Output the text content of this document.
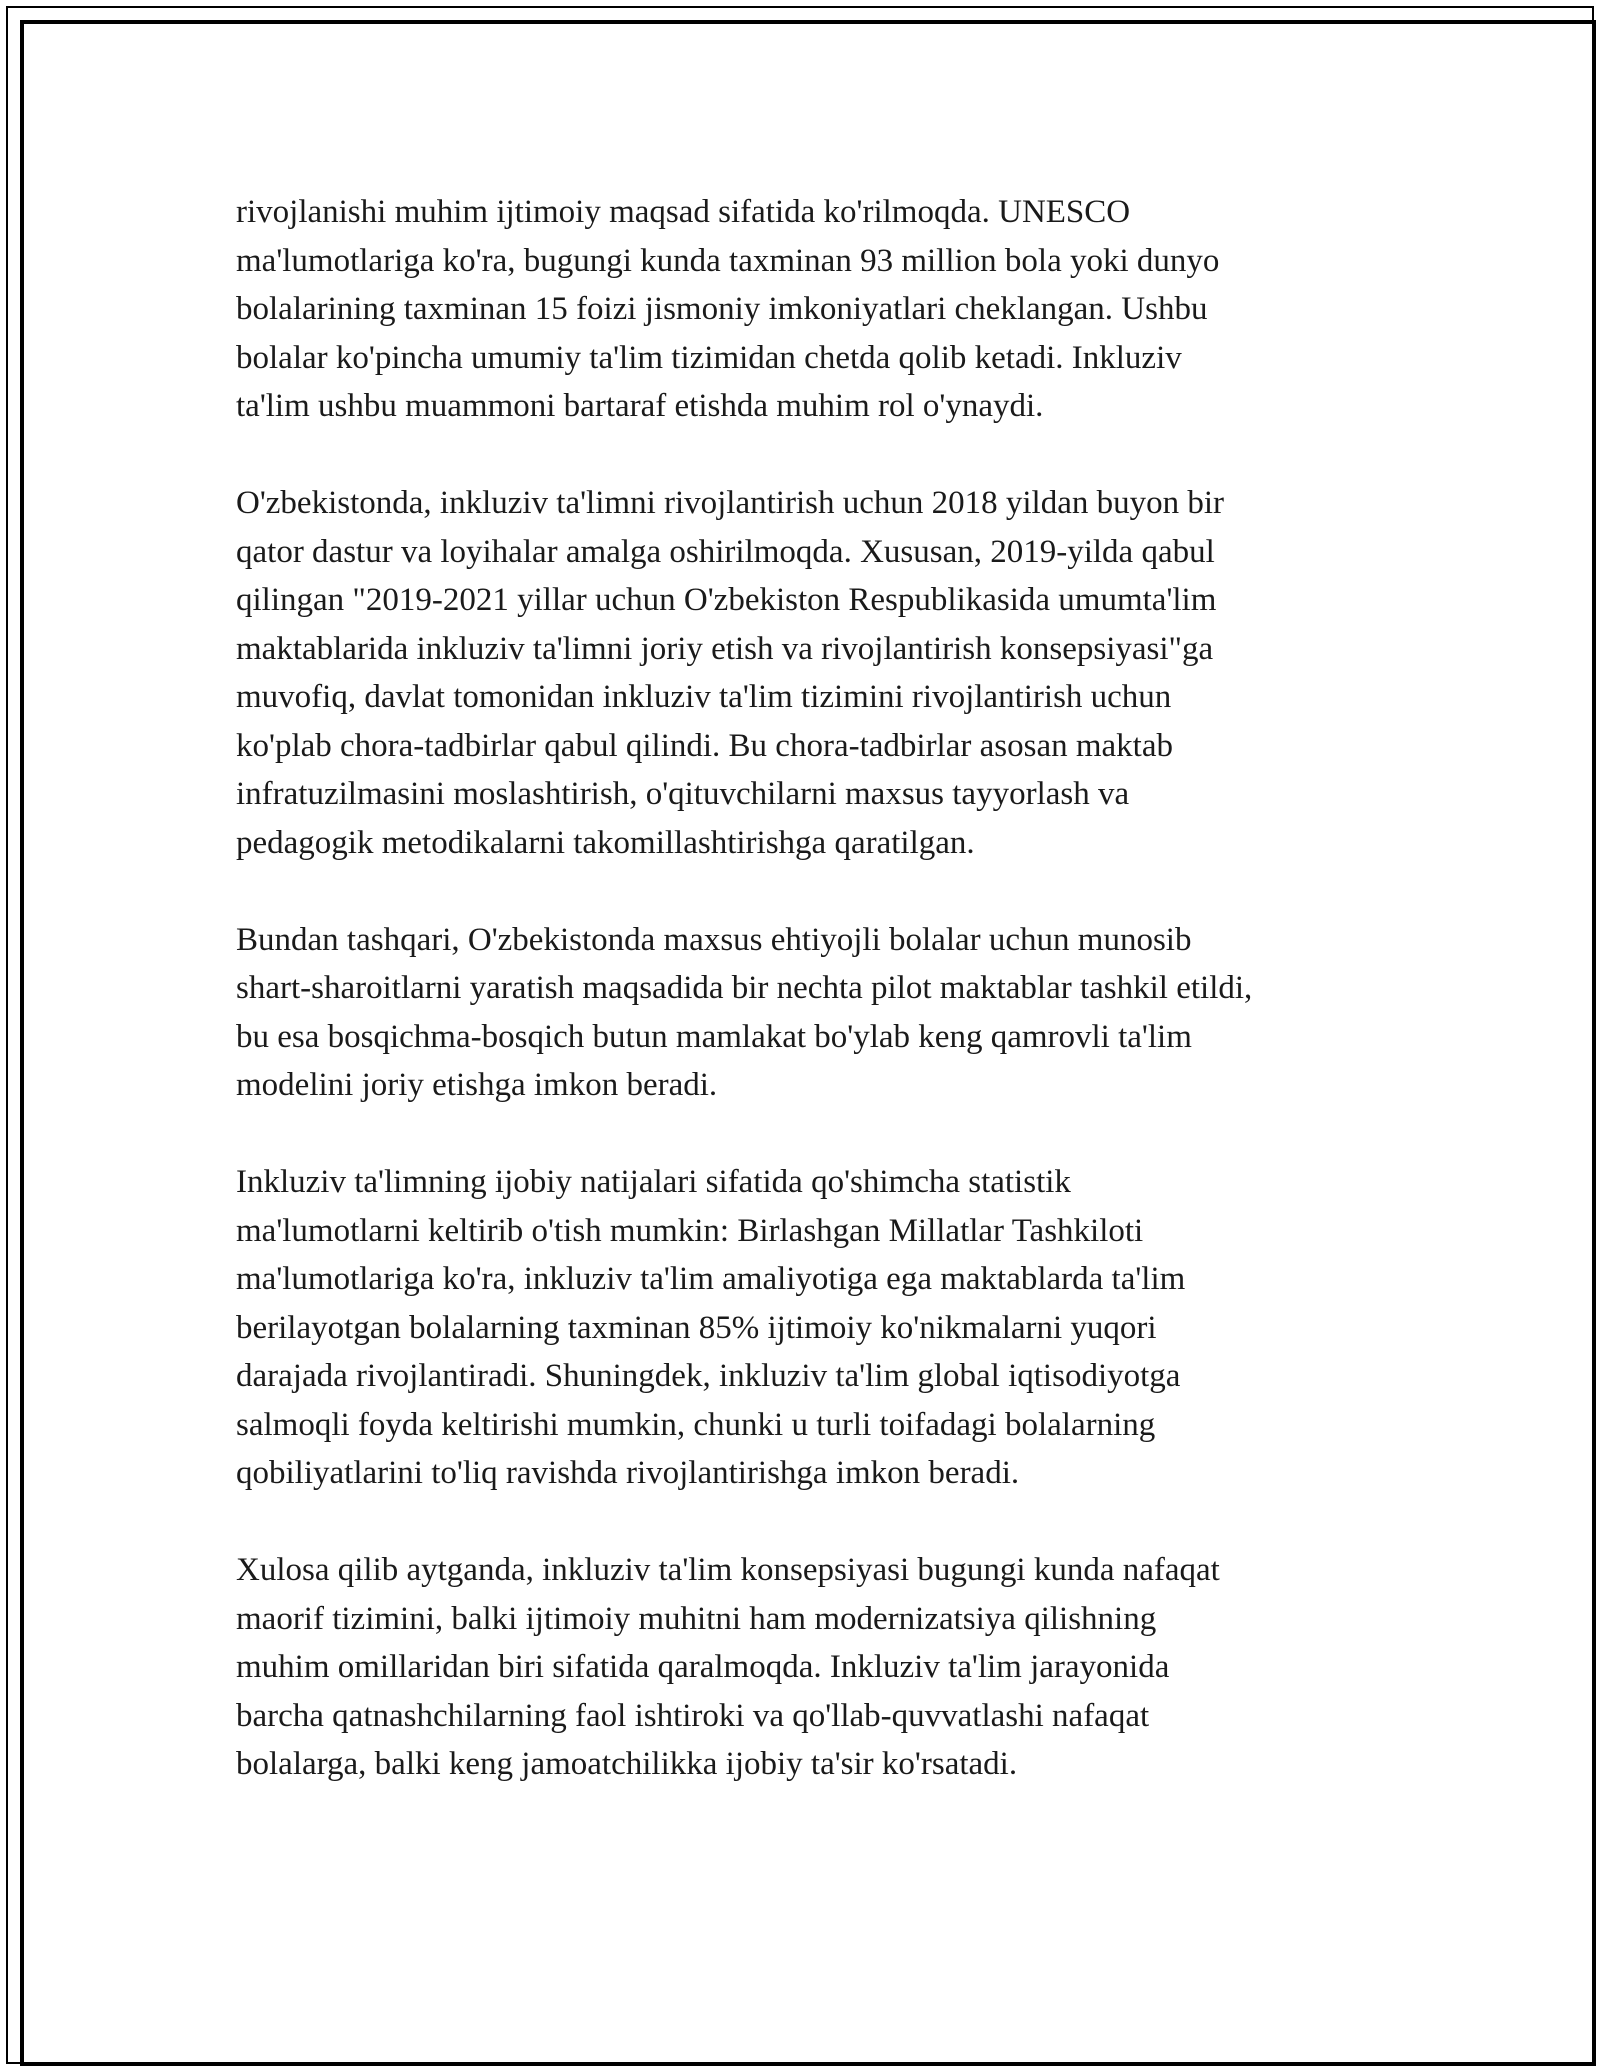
rivojlanishi muhim ijtimoiy maqsad sifatida ko'rilmoqda. UNESCO
ma'lumotlariga ko'ra, bugungi kunda taxminan 93 million bola yoki dunyo
bolalarining taxminan 15 foizi jismoniy imkoniyatlari cheklangan. Ushbu
bolalar ko'pincha umumiy ta'lim tizimidan chetda qolib ketadi. Inkluziv
ta'lim ushbu muammoni bartaraf etishda muhim rol o'ynaydi.
O'zbekistonda, inkluziv ta'limni rivojlantirish uchun 2018 yildan buyon bir
qator dastur va loyihalar amalga oshirilmoqda. Xususan, 2019-yilda qabul
qilingan "2019-2021 yillar uchun O'zbekiston Respublikasida umumta'lim
maktablarida inkluziv ta'limni joriy etish va rivojlantirish konsepsiyasi"ga
muvofiq, davlat tomonidan inkluziv ta'lim tizimini rivojlantirish uchun
ko'plab chora-tadbirlar qabul qilindi. Bu chora-tadbirlar asosan maktab
infratuzilmasini moslashtirish, o'qituvchilarni maxsus tayyorlash va
pedagogik metodikalarni takomillashtirishga qaratilgan.
Bundan tashqari, O'zbekistonda maxsus ehtiyojli bolalar uchun munosib
shart-sharoitlarni yaratish maqsadida bir nechta pilot maktablar tashkil etildi,
bu esa bosqichma-bosqich butun mamlakat bo'ylab keng qamrovli ta'lim
modelini joriy etishga imkon beradi.
Inkluziv ta'limning ijobiy natijalari sifatida qo'shimcha statistik
ma'lumotlarni keltirib o'tish mumkin: Birlashgan Millatlar Tashkiloti
ma'lumotlariga ko'ra, inkluziv ta'lim amaliyotiga ega maktablarda ta'lim
berilayotgan bolalarning taxminan 85% ijtimoiy ko'nikmalarni yuqori
darajada rivojlantiradi. Shuningdek, inkluziv ta'lim global iqtisodiyotga
salmoqli foyda keltirishi mumkin, chunki u turli toifadagi bolalarning
qobiliyatlarini to'liq ravishda rivojlantirishga imkon beradi.
Xulosa qilib aytganda, inkluziv ta'lim konsepsiyasi bugungi kunda nafaqat
maorif tizimini, balki ijtimoiy muhitni ham modernizatsiya qilishning
muhim omillaridan biri sifatida qaralmoqda. Inkluziv ta'lim jarayonida
barcha qatnashchilarning faol ishtiroki va qo'llab-quvvatlashi nafaqat
bolalarga, balki keng jamoatchilikka ijobiy ta'sir ko'rsatadi.
